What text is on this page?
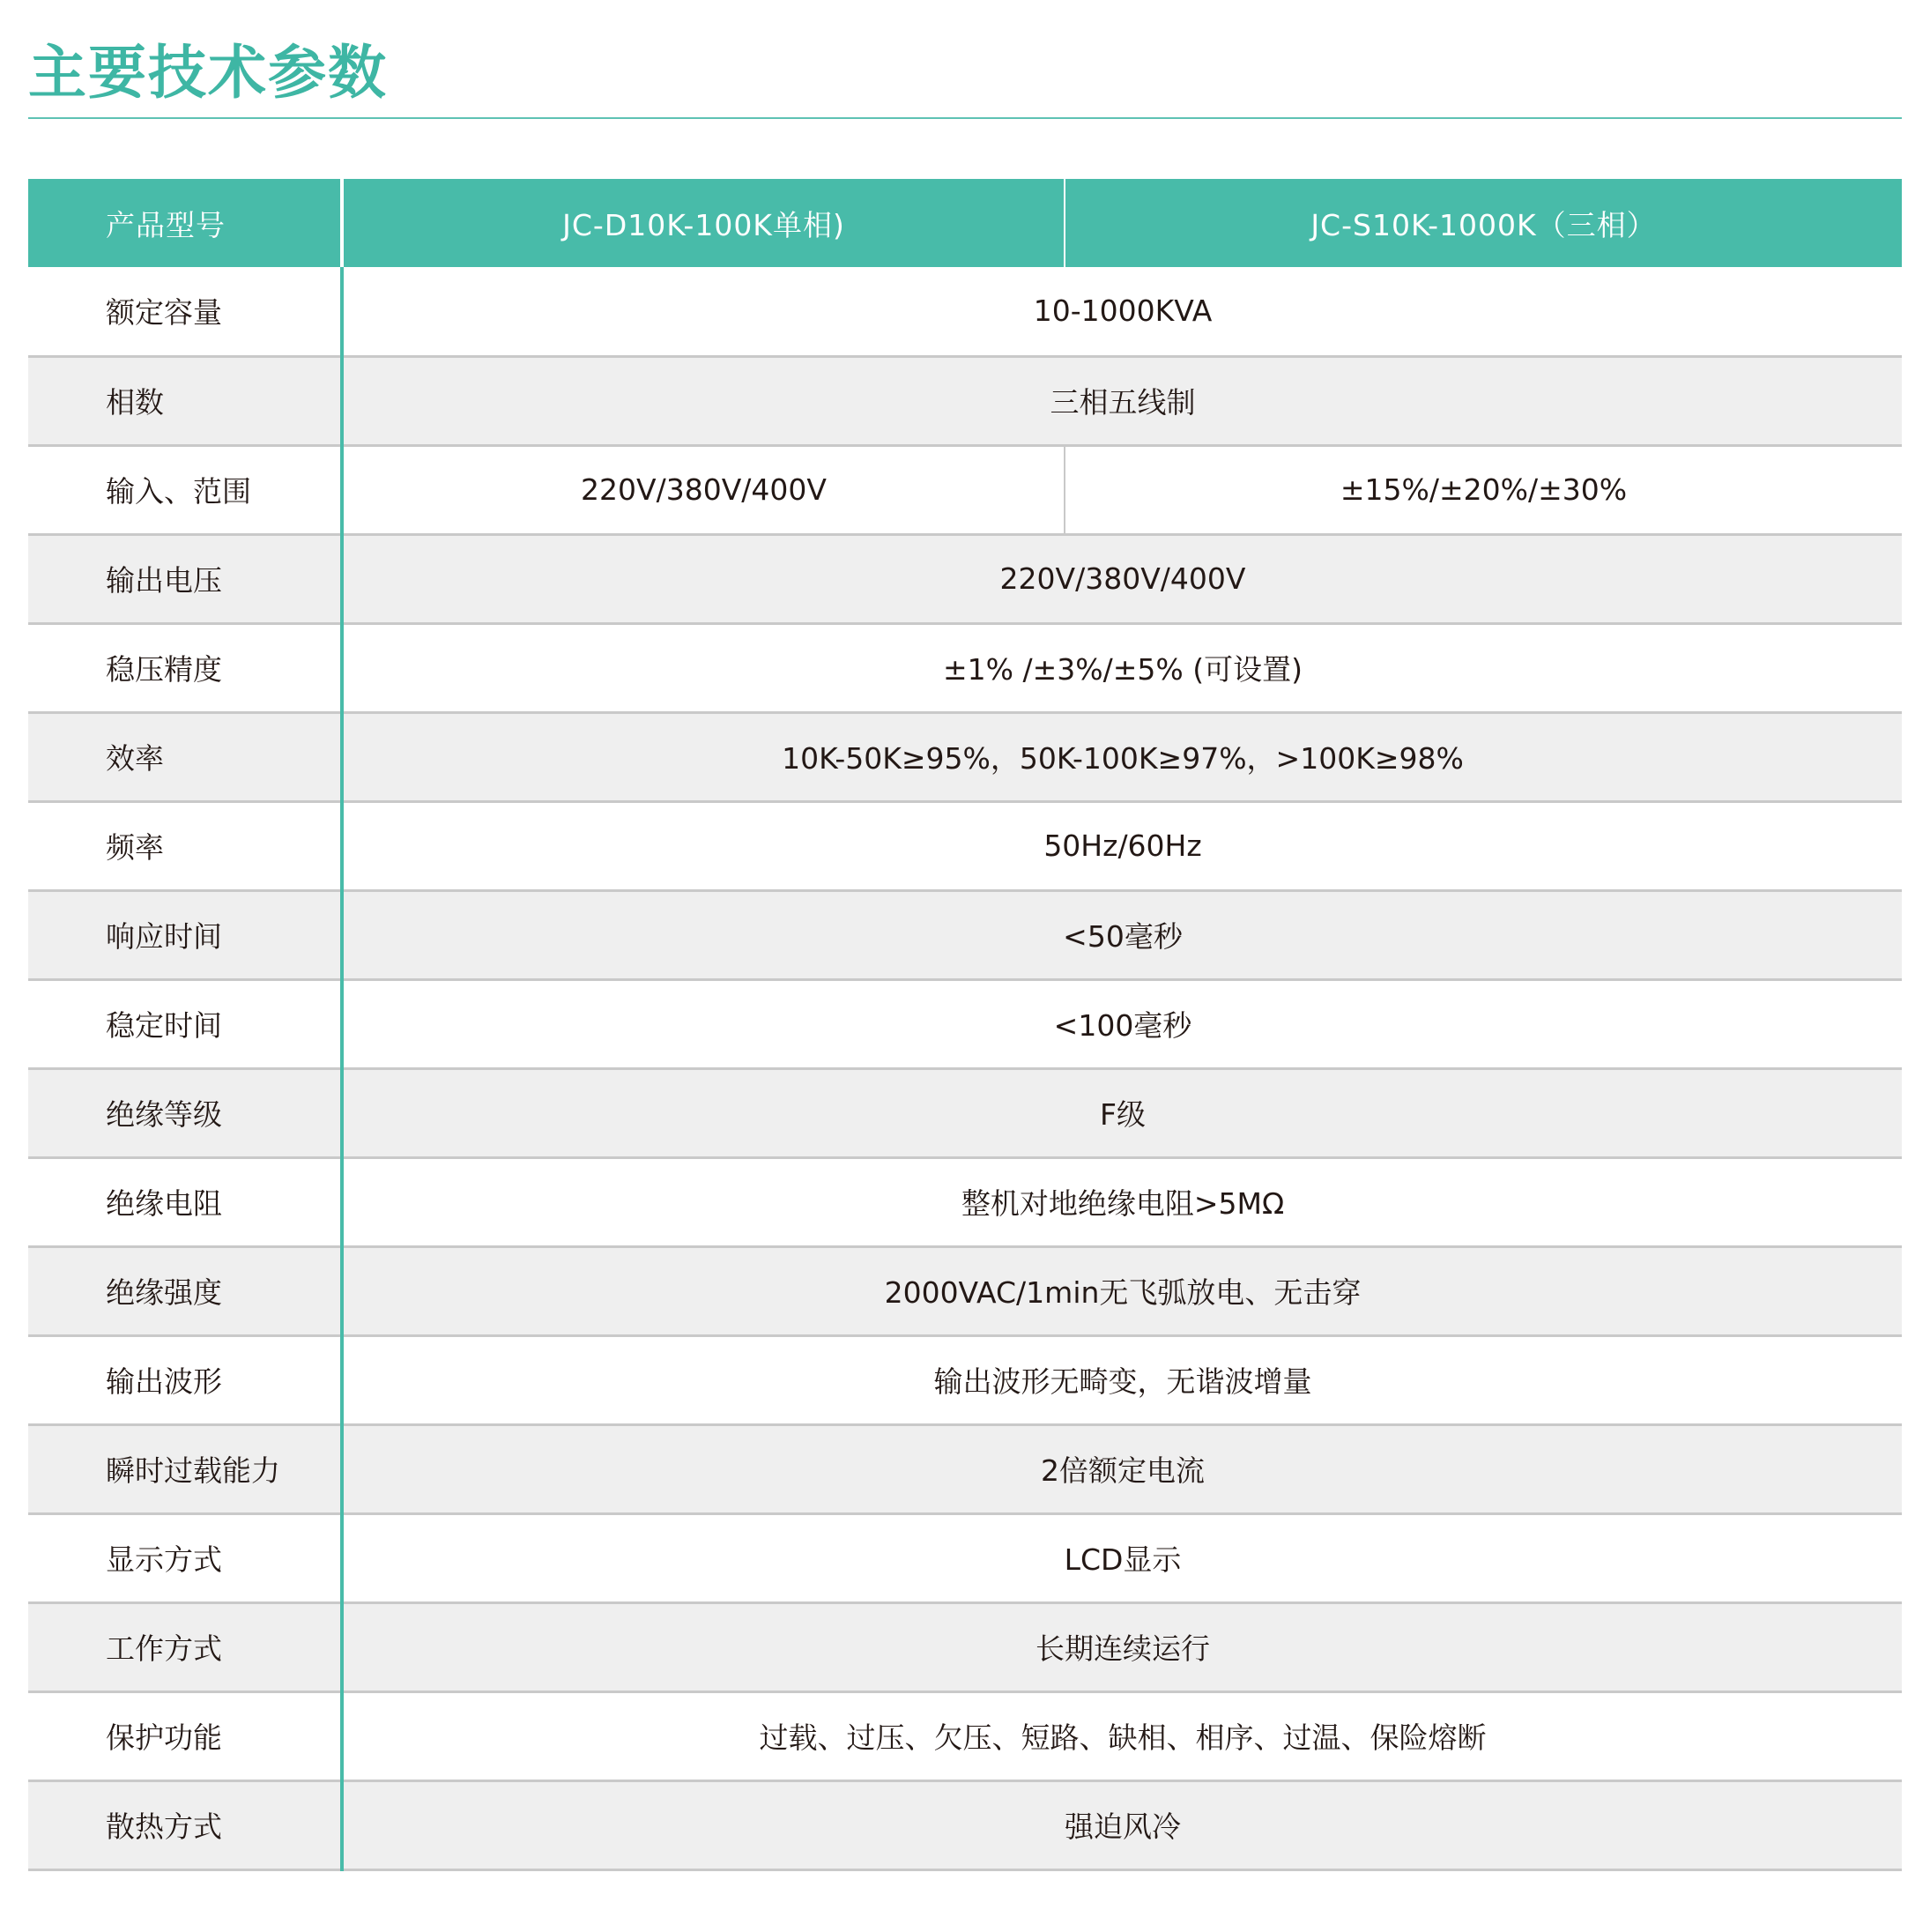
主要技术参数
产品型号	JC-D10K-100K单相)	JC-S10K-1000K（三相）
额定容量	10-1000KVA	
相数	三相五线制	
输入、范围	220V/380V/400V	±15%/±20%/±30%
输出电压	220V/380V/400V	
稳压精度	±1% /±3%/±5% (可设置)	
效率	10K-50K≥95%，50K-100K≥97%，>100K≥98%	
频率	50Hz/60Hz	
响应时间	<50毫秒	
稳定时间	<100毫秒	
绝缘等级	F级	
绝缘电阻	整机对地绝缘电阻>5MΩ	
绝缘强度	2000VAC/1min无飞弧放电、无击穿	
输出波形	输出波形无畸变，无谐波增量	
瞬时过载能力	2倍额定电流	
显示方式	LCD显示	
工作方式	长期连续运行	
保护功能	过载、过压、欠压、短路、缺相、相序、过温、保险熔断	
散热方式	强迫风冷	
